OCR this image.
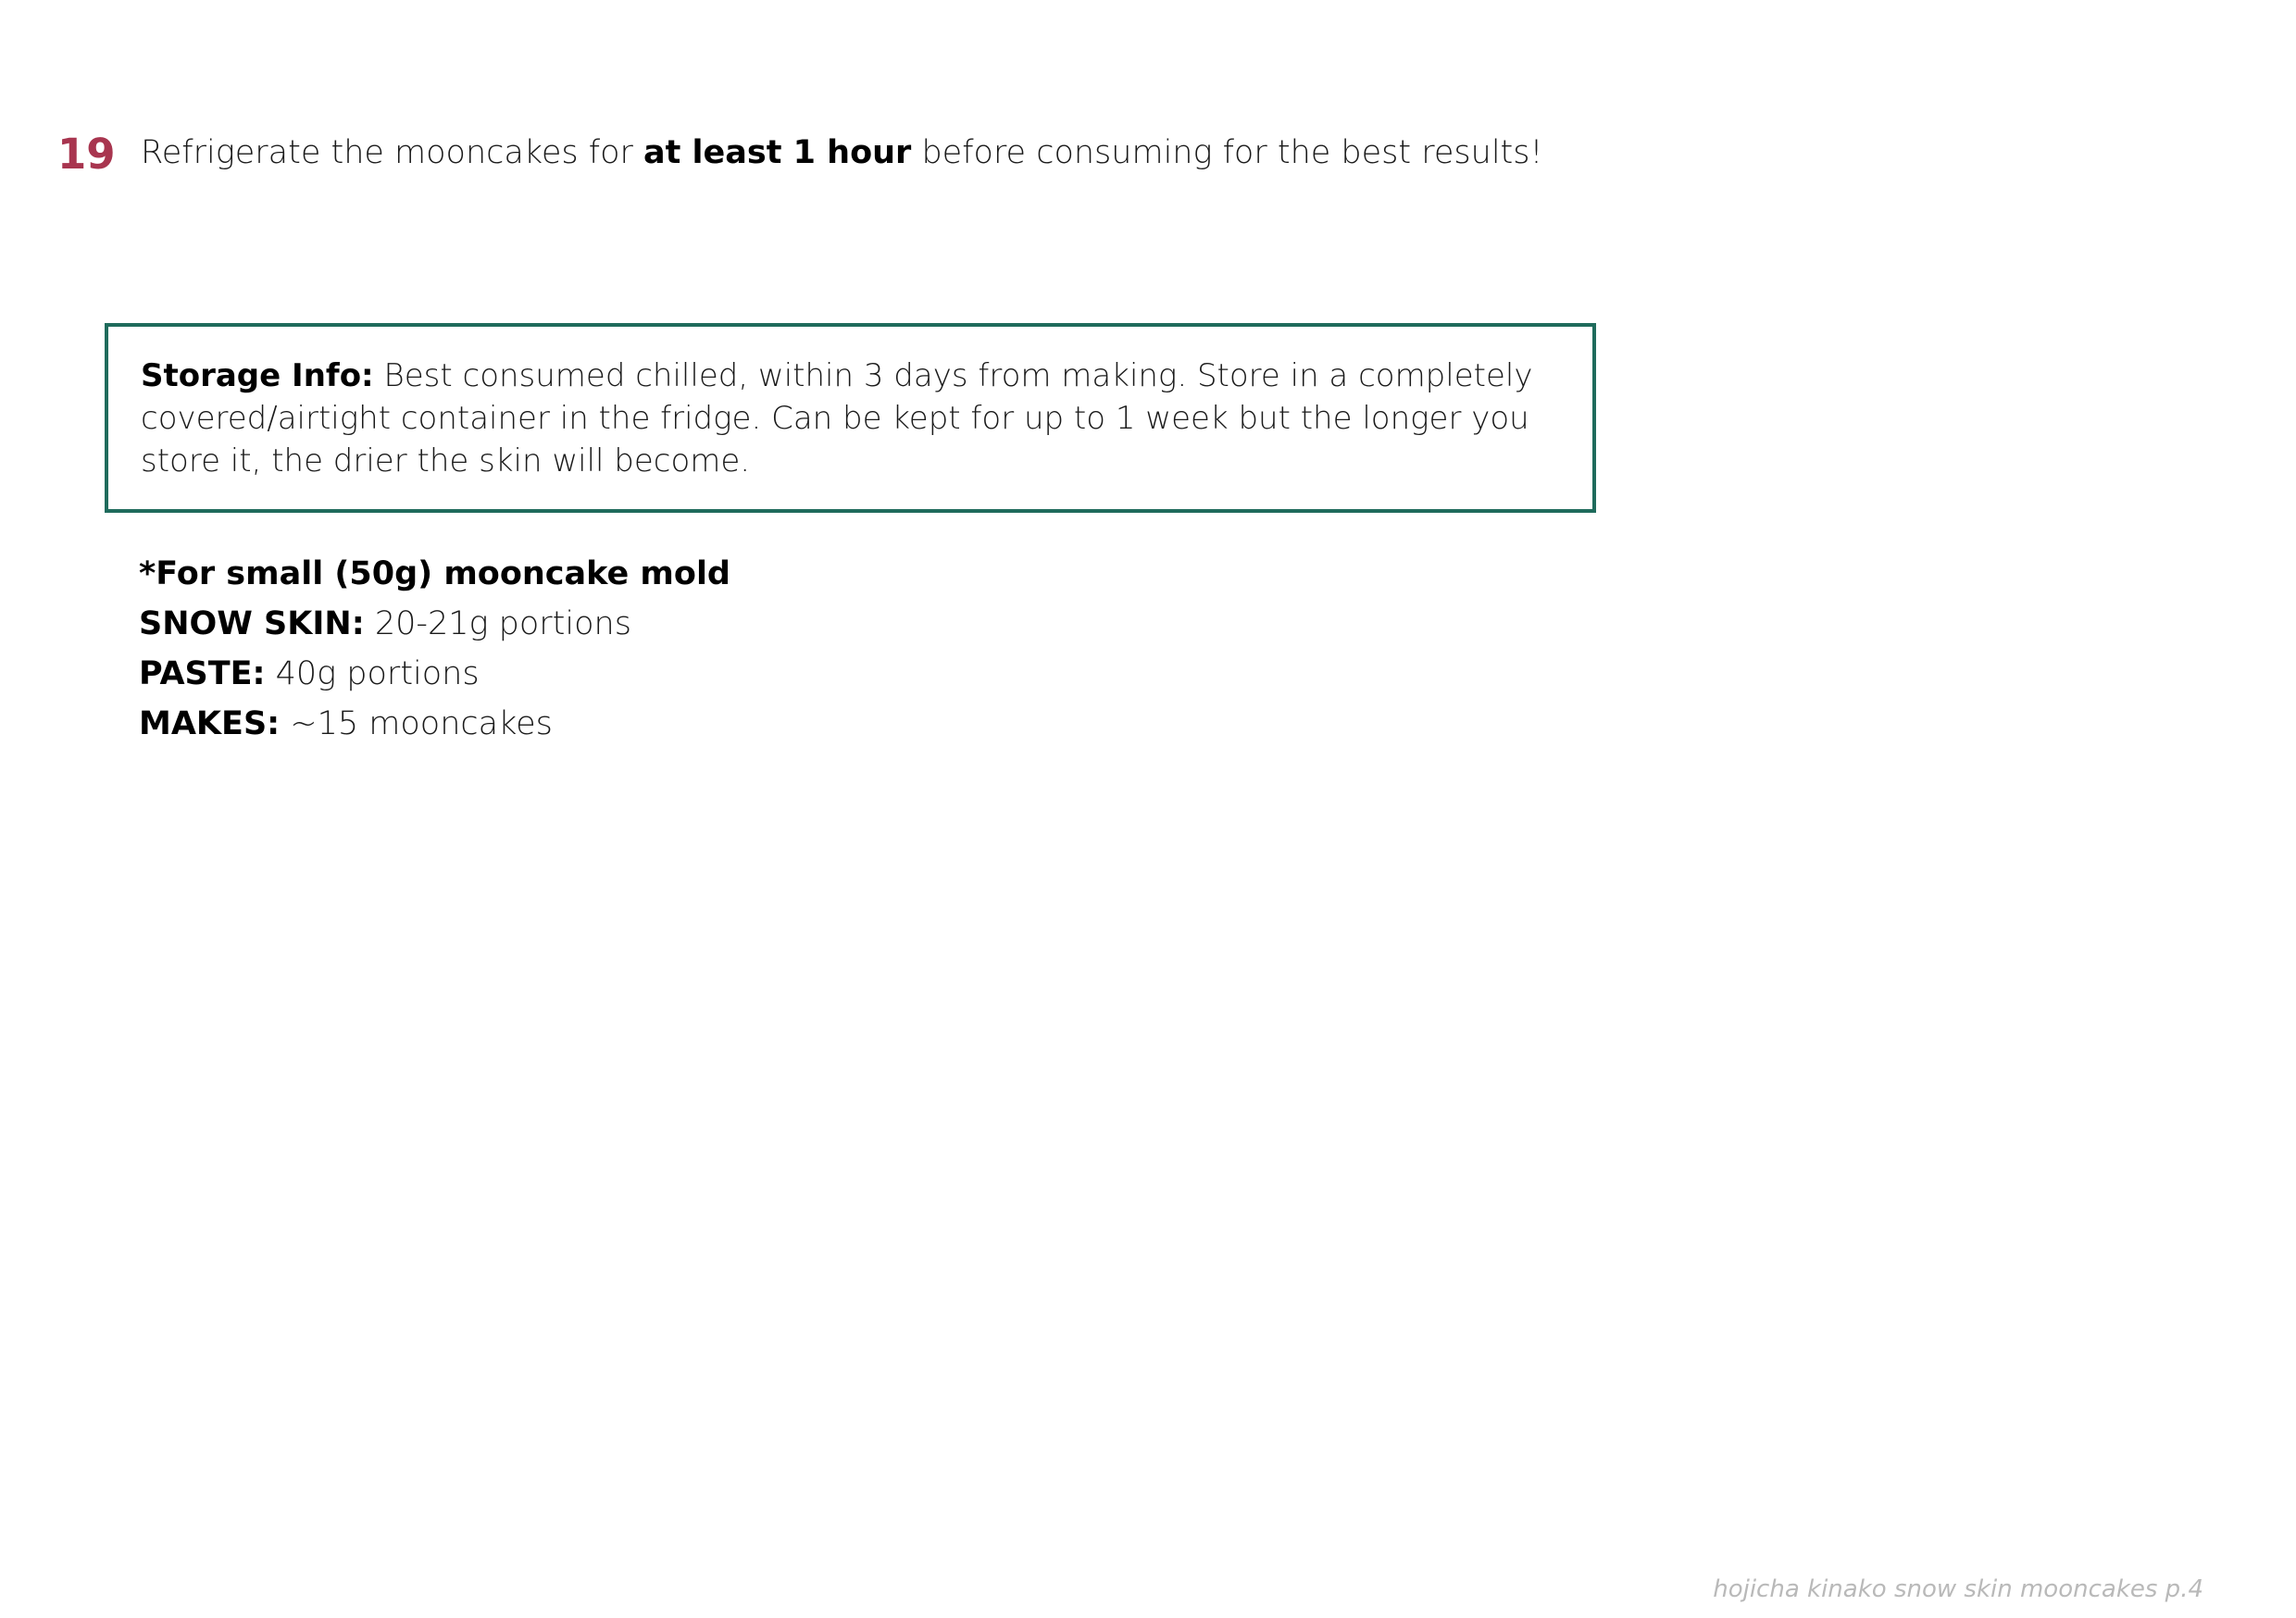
19 Refrigerate the mooncakes for at least 1 hour before consuming for the best results!

Storage Info: Best consumed chilled, within 3 days from making. Store in a completely covered/airtight container in the fridge. Can be kept for up to 1 week but the longer you store it, the drier the skin will become.

*For small (50g) mooncake mold

SNOW SKIN: 20-21g portions

PASTE: 40g portions

MAKES: ~15 mooncakes

hojicha kinako snow skin mooncakes p.4
